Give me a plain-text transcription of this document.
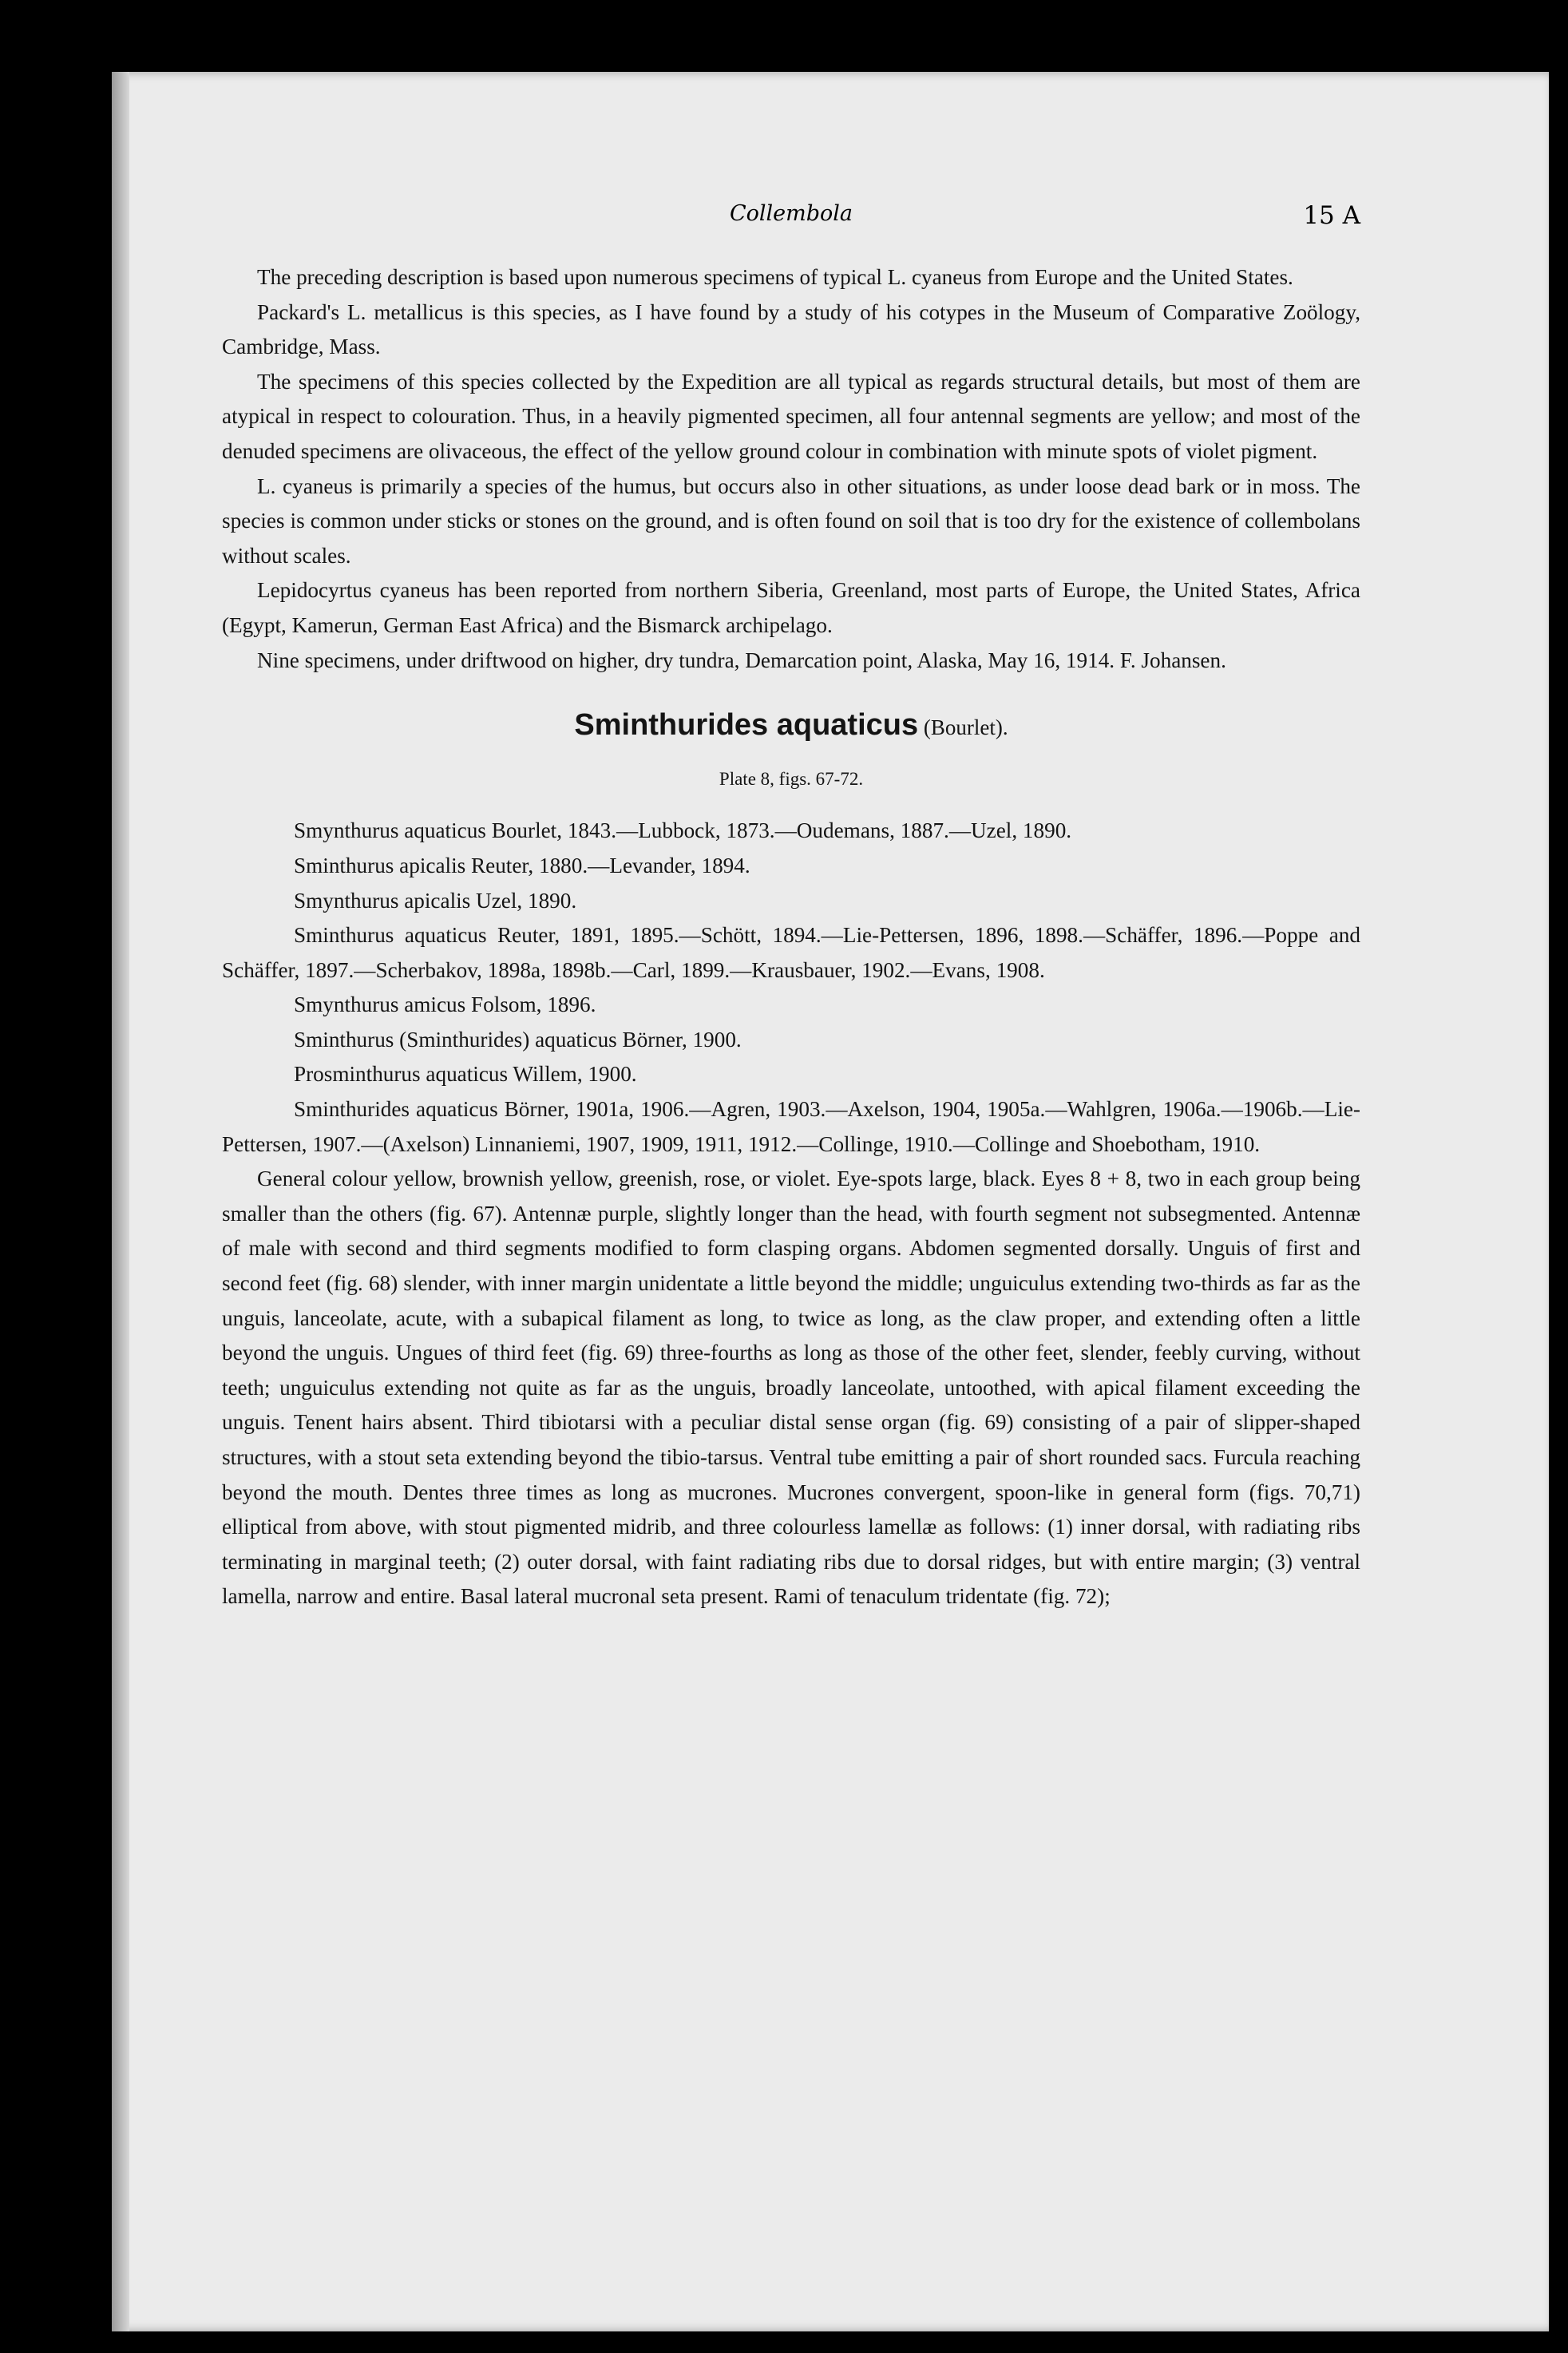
Collembola	15 A

The preceding description is based upon numerous specimens of typical L. cyaneus from Europe and the United States.

Packard's L. metallicus is this species, as I have found by a study of his cotypes in the Museum of Comparative Zoölogy, Cambridge, Mass.

The specimens of this species collected by the Expedition are all typical as regards structural details, but most of them are atypical in respect to colouration. Thus, in a heavily pigmented specimen, all four antennal segments are yellow; and most of the denuded specimens are olivaceous, the effect of the yellow ground colour in combination with minute spots of violet pigment.

L. cyaneus is primarily a species of the humus, but occurs also in other situations, as under loose dead bark or in moss. The species is common under sticks or stones on the ground, and is often found on soil that is too dry for the existence of collembolans without scales.

Lepidocyrtus cyaneus has been reported from northern Siberia, Greenland, most parts of Europe, the United States, Africa (Egypt, Kamerun, German East Africa) and the Bismarck archipelago.

Nine specimens, under driftwood on higher, dry tundra, Demarcation point, Alaska, May 16, 1914. F. Johansen.

Sminthurides aquaticus (Bourlet).
Plate 8, figs. 67-72.

Smynthurus aquaticus Bourlet, 1843.—Lubbock, 1873.—Oudemans, 1887.—Uzel, 1890.

Sminthurus apicalis Reuter, 1880.—Levander, 1894.

Smynthurus apicalis Uzel, 1890.

Sminthurus aquaticus Reuter, 1891, 1895.—Schött, 1894.—Lie-Pettersen, 1896, 1898.—Schäffer, 1896.—Poppe and Schäffer, 1897.—Scherbakov, 1898a, 1898b.—Carl, 1899.—Krausbauer, 1902.—Evans, 1908.

Smynthurus amicus Folsom, 1896.

Sminthurus (Sminthurides) aquaticus Börner, 1900.

Prosminthurus aquaticus Willem, 1900.

Sminthurides aquaticus Börner, 1901a, 1906.—Agren, 1903.—Axelson, 1904, 1905a.—Wahlgren, 1906a.—1906b.—Lie-Pettersen, 1907.—(Axelson) Linnaniemi, 1907, 1909, 1911, 1912.—Collinge, 1910.—Collinge and Shoebotham, 1910.

General colour yellow, brownish yellow, greenish, rose, or violet. Eye-spots large, black. Eyes 8 + 8, two in each group being smaller than the others (fig. 67). Antennæ purple, slightly longer than the head, with fourth segment not subsegmented. Antennæ of male with second and third segments modified to form clasping organs. Abdomen segmented dorsally. Unguis of first and second feet (fig. 68) slender, with inner margin unidentate a little beyond the middle; unguiculus extending two-thirds as far as the unguis, lanceolate, acute, with a subapical filament as long, to twice as long, as the claw proper, and extending often a little beyond the unguis. Ungues of third feet (fig. 69) three-fourths as long as those of the other feet, slender, feebly curving, without teeth; unguiculus extending not quite as far as the unguis, broadly lanceolate, untoothed, with apical filament exceeding the unguis. Tenent hairs absent. Third tibiotarsi with a peculiar distal sense organ (fig. 69) consisting of a pair of slipper-shaped structures, with a stout seta extending beyond the tibio-tarsus. Ventral tube emitting a pair of short rounded sacs. Furcula reaching beyond the mouth. Dentes three times as long as mucrones. Mucrones convergent, spoon-like in general form (figs. 70,71) elliptical from above, with stout pigmented midrib, and three colourless lamellæ as follows: (1) inner dorsal, with radiating ribs terminating in marginal teeth; (2) outer dorsal, with faint radiating ribs due to dorsal ridges, but with entire margin; (3) ventral lamella, narrow and entire. Basal lateral mucronal seta present. Rami of tenaculum tridentate (fig. 72);
